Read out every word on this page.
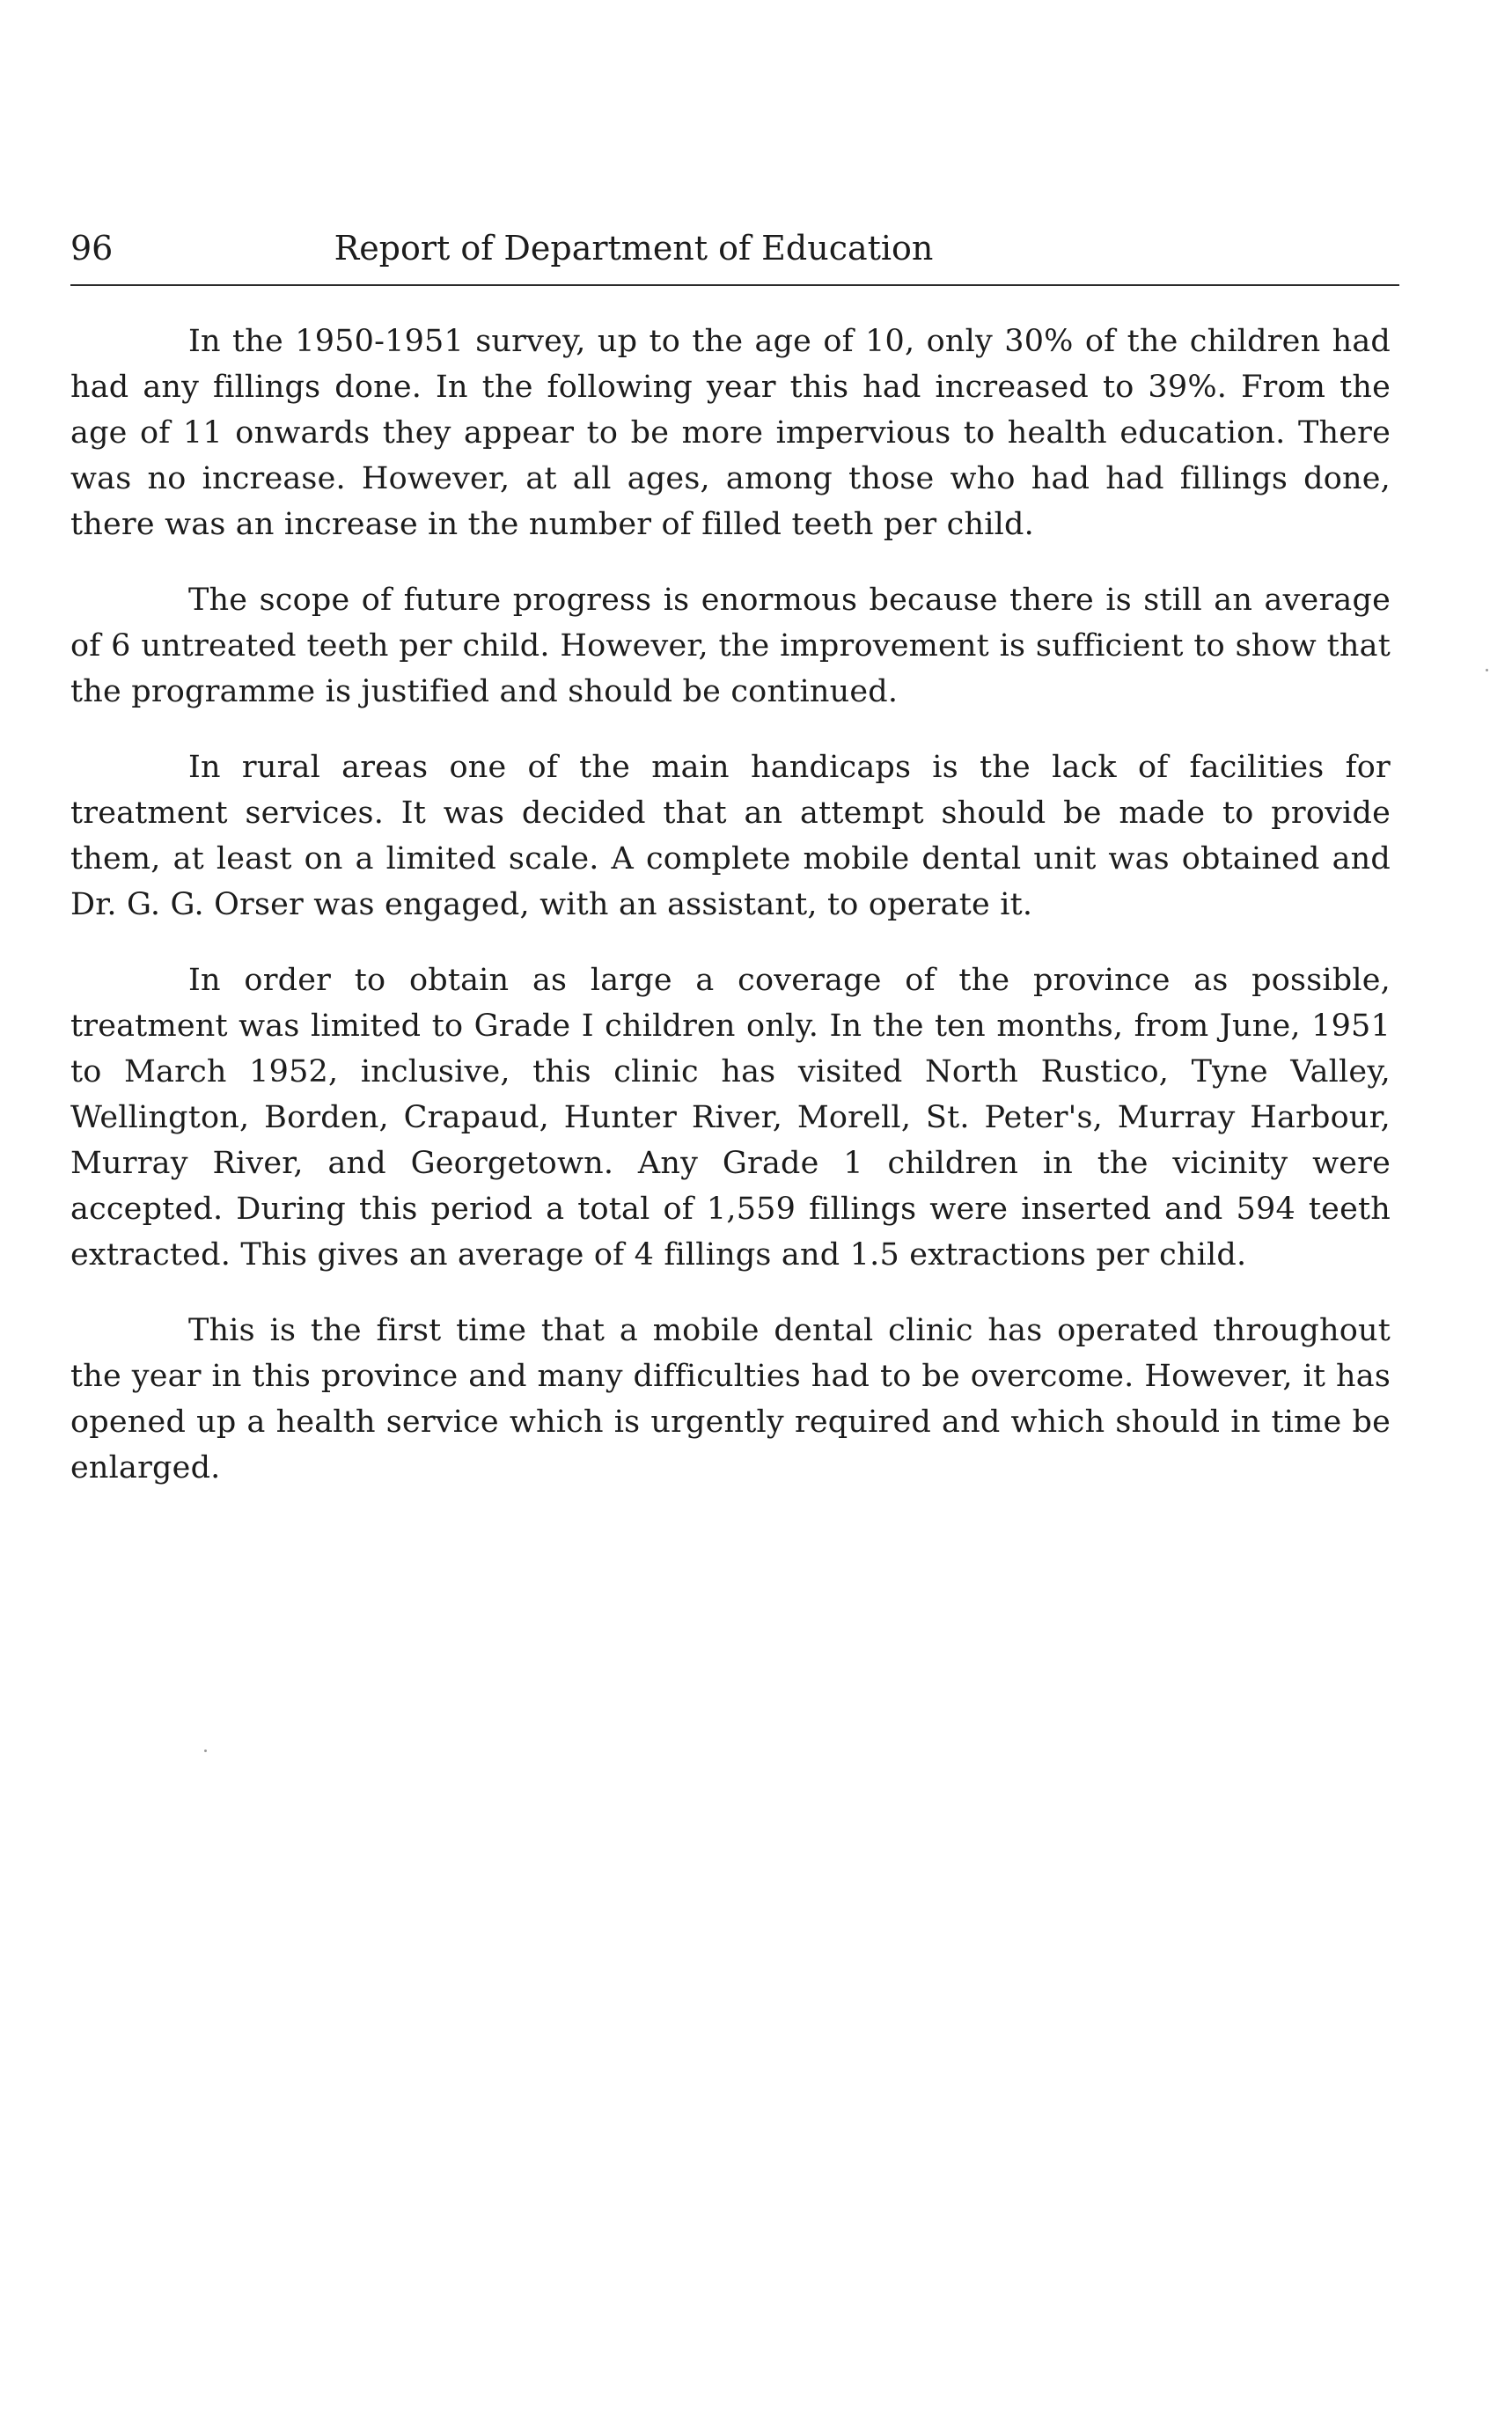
96	Report of Department of Education

In the 1950-1951 survey, up to the age of 10, only 30% of the children had had any fillings done. In the following year this had increased to 39%. From the age of 11 onwards they appear to be more impervious to health education. There was no increase. However, at all ages, among those who had had fillings done, there was an increase in the number of filled teeth per child.

The scope of future progress is enormous because there is still an average of 6 untreated teeth per child. However, the improvement is sufficient to show that the programme is justified and should be continued.

In rural areas one of the main handicaps is the lack of facilities for treatment services. It was decided that an attempt should be made to provide them, at least on a limited scale. A complete mobile dental unit was obtained and Dr. G. G. Orser was engaged, with an assistant, to operate it.

In order to obtain as large a coverage of the province as possible, treatment was limited to Grade I children only. In the ten months, from June, 1951 to March 1952, inclusive, this clinic has visited North Rustico, Tyne Valley, Wellington, Borden, Crapaud, Hunter River, Morell, St. Peter's, Murray Harbour, Murray River, and Georgetown. Any Grade 1 children in the vicinity were accepted. During this period a total of 1,559 fillings were inserted and 594 teeth extracted. This gives an average of 4 fillings and 1.5 extractions per child.

This is the first time that a mobile dental clinic has operated throughout the year in this province and many difficulties had to be overcome. However, it has opened up a health service which is urgently required and which should in time be enlarged.
